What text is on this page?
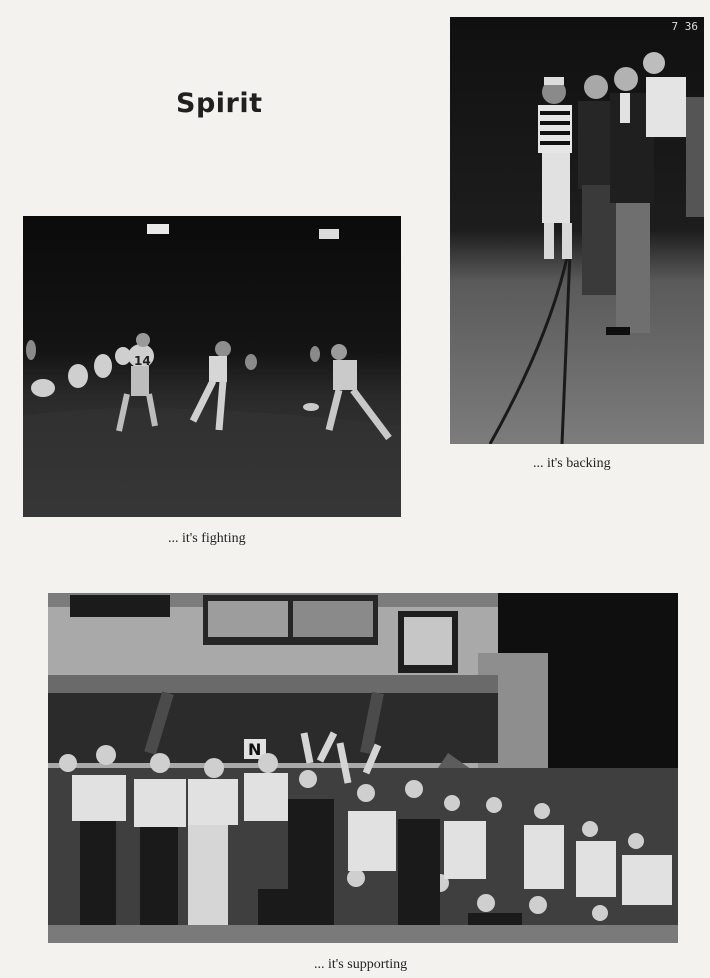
Spirit
14
... it's fighting
7 36
... it's backing
N
... it's supporting
